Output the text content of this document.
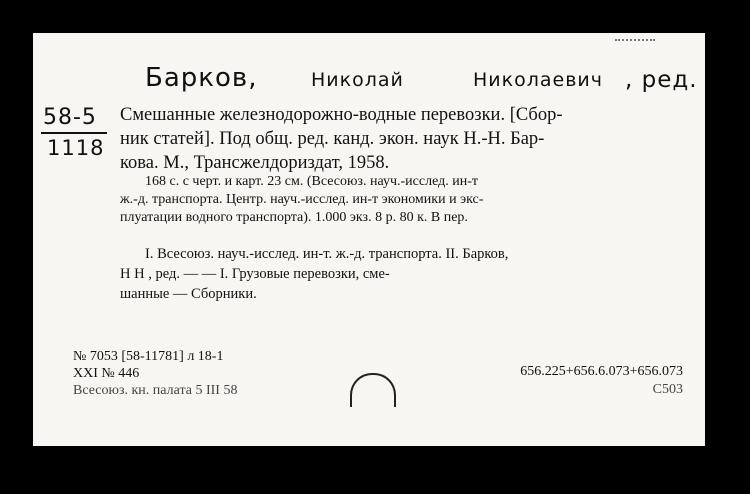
Барков,	Николай	Николаевич , ред.
58-5
1118
Смешанные железнодорожно-водные перевозки. [Сбор-
ник статей]. Под общ. ред. канд. экон. наук Н.-Н. Бар-
кова. М., Трансжелдориздат, 1958.
168 с. с черт. и карт. 23 см. (Всесоюз. науч.-исслед. ин-т
ж.-д. транспорта. Центр. науч.-исслед. ин-т экономики и экс-
плуатации водного транспорта). 1.000 экз. 8 р. 80 к. В пер.
I. Всесоюз. науч.-исслед. ин-т. ж.-д. транспорта. II. Барков,
Н Н , ред. — — I. Грузовые перевозки, сме-
шанные — Сборники.
№ 7053 [58-11781] л 18-1
XXI № 446
Всесоюз. кн. палата 5 III 58
656.225+656.6.073+656.073
С503
